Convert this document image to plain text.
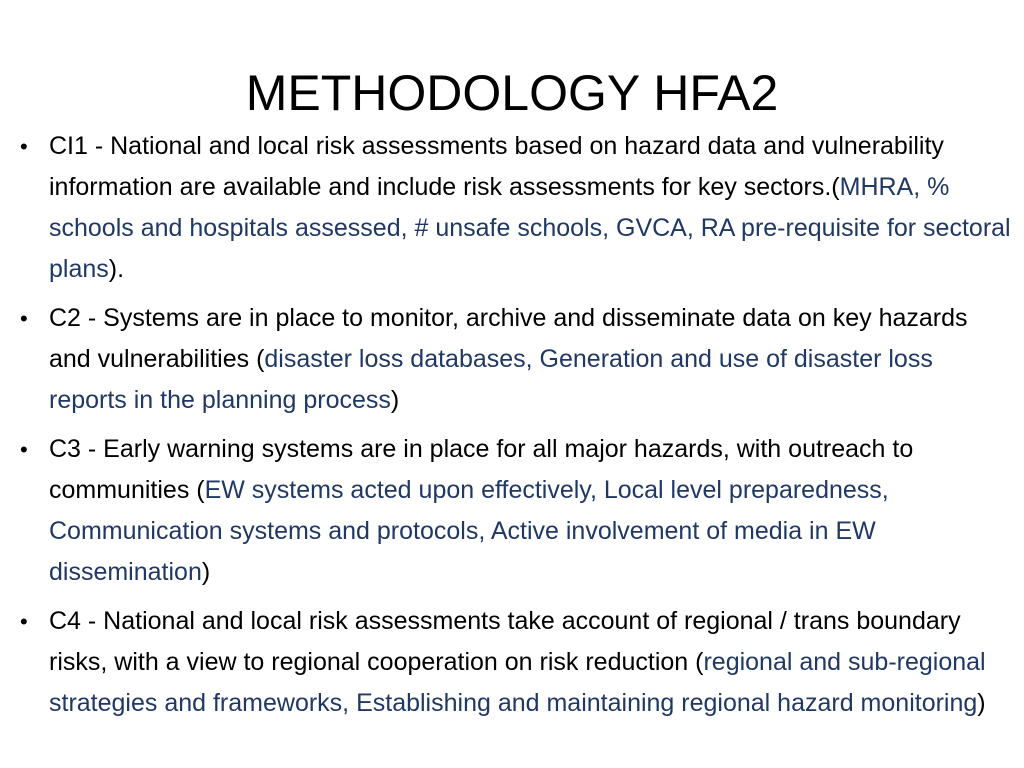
METHODOLOGY HFA2
• CI1 - National and local risk assessments based on hazard data and vulnerability information are available and include risk assessments for key sectors.(MHRA, % schools and hospitals assessed, # unsafe schools, GVCA, RA pre-requisite for sectoral plans).
• C2 - Systems are in place to monitor, archive and disseminate data on key hazards and vulnerabilities (disaster loss databases, Generation and use of disaster loss reports in the planning process)
• C3 - Early warning systems are in place for all major hazards, with outreach to communities (EW systems acted upon effectively, Local level preparedness, Communication systems and protocols, Active involvement of media in EW dissemination)
• C4 - National and local risk assessments take account of regional / trans boundary risks, with a view to regional cooperation on risk reduction (regional and sub-regional strategies and frameworks, Establishing and maintaining regional hazard monitoring)
